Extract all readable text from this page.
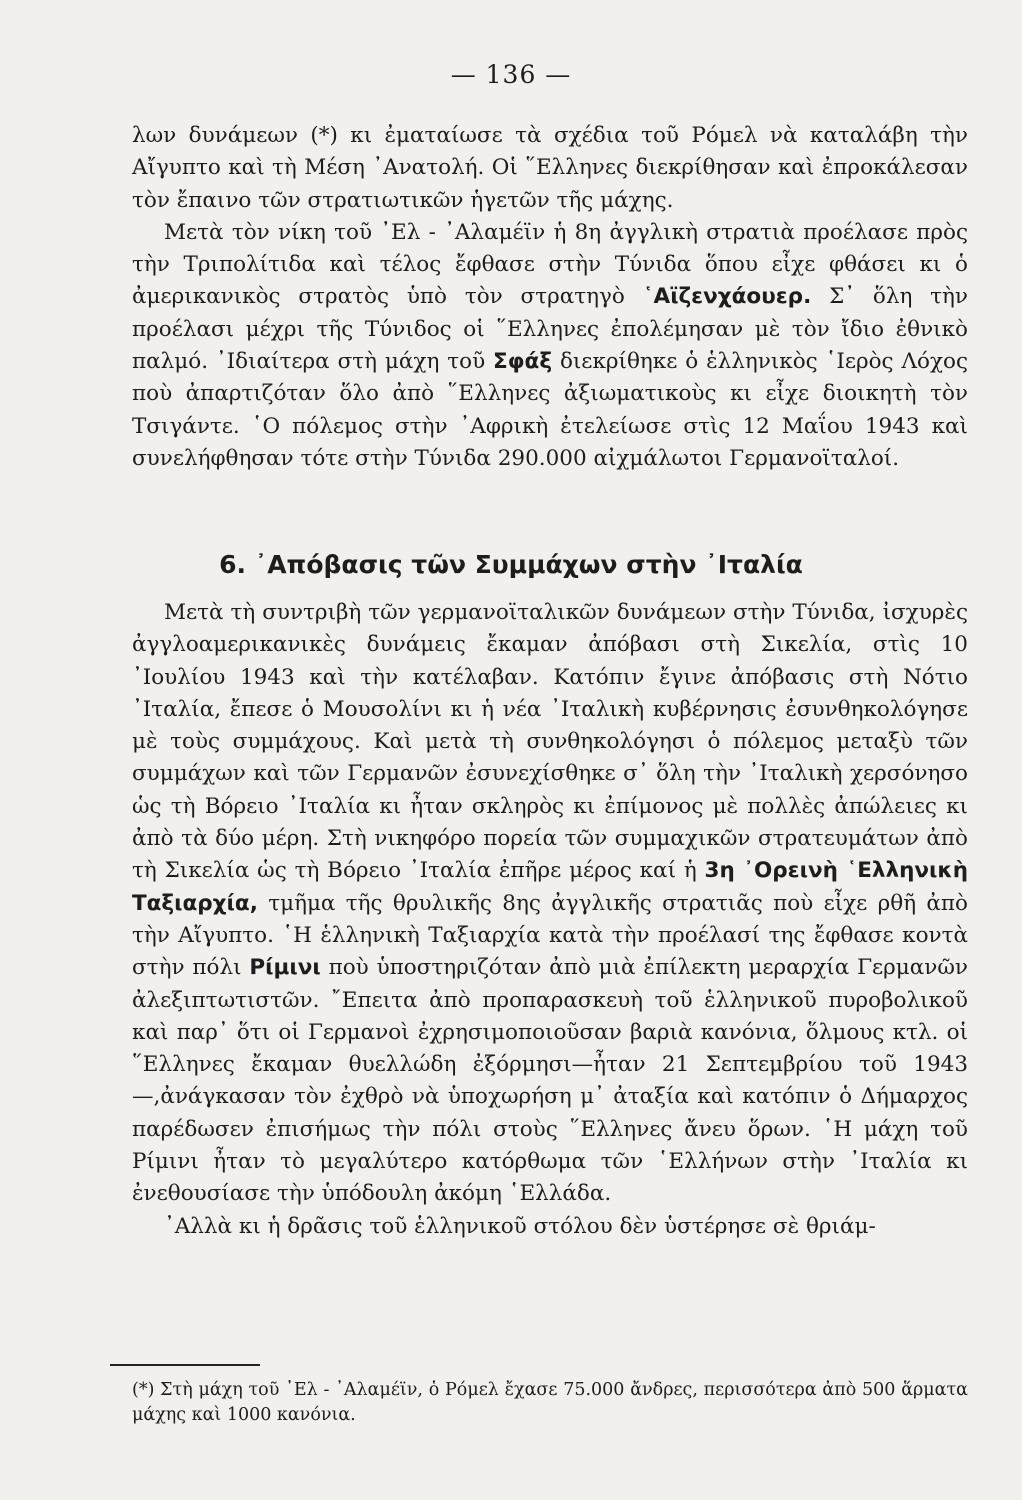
— 136 —

λων δυνάμεων (*) κι ἐματαίωσε τὰ σχέδια τοῦ Ρόμελ νὰ καταλάβη τὴν Αἴγυπτο καὶ τὴ Μέση ᾽Ανατολή. Οἱ ῞Ελληνες διεκρίθησαν καὶ ἐπροκάλεσαν τὸν ἔπαινο τῶν στρατιωτικῶν ἡγετῶν τῆς μάχης.

Μετὰ τὸν νίκη τοῦ ᾽Ελ - ᾽Αλαμέϊν ἡ 8η ἀγγλικὴ στρατιὰ προέλασε πρὸς τὴν Τριπολίτιδα καὶ τέλος ἔφθασε στὴν Τύνιδα ὅπου εἶχε φθάσει κι ὁ ἀμερικανικὸς στρατὸς ὑπὸ τὸν στρατηγὸ ῾Αϊζενχάουερ. Σ᾽ ὅλη τὴν προέλασι μέχρι τῆς Τύνιδος οἱ ῞Ελληνες ἐπολέμησαν μὲ τὸν ἴδιο ἐθνικὸ παλμό. ᾽Ιδιαίτερα στὴ μάχη τοῦ Σφάξ διεκρίθηκε ὁ ἑλληνικὸς ῾Ιερὸς Λόχος ποὺ ἀπαρτιζόταν ὅλο ἀπὸ ῞Ελληνες ἀξιωματικοὺς κι εἶχε διοικητὴ τὸν Τσιγάντε. ῾Ο πόλεμος στὴν ᾽Αφρικὴ ἐτελείωσε στὶς 12 Μαΐου 1943 καὶ συνελήφθησαν τότε στὴν Τύνιδα 290.000 αἰχμάλωτοι Γερμανοϊταλοί.

6. ᾽Απόβασις τῶν Συμμάχων στὴν ᾽Ιταλία

Μετὰ τὴ συντριβὴ τῶν γερμανοϊταλικῶν δυνάμεων στὴν Τύνιδα, ἰσχυρὲς ἀγγλοαμερικανικὲς δυνάμεις ἔκαμαν ἀπόβασι στὴ Σικελία, στὶς 10 ᾽Ιουλίου 1943 καὶ τὴν κατέλαβαν. Κατόπιν ἔγινε ἀπόβασις στὴ Νότιο ᾽Ιταλία, ἔπεσε ὁ Μουσολίνι κι ἡ νέα ᾽Ιταλικὴ κυβέρνησις ἐσυνθηκολόγησε μὲ τοὺς συμμάχους. Καὶ μετὰ τὴ συνθηκολόγησι ὁ πόλεμος μεταξὺ τῶν συμμάχων καὶ τῶν Γερμανῶν ἐσυνεχίσθηκε σ᾽ ὅλη τὴν ᾽Ιταλικὴ χερσόνησο ὡς τὴ Βόρειο ᾽Ιταλία κι ἦταν σκληρὸς κι ἐπίμονος μὲ πολλὲς ἀπώλειες κι ἀπὸ τὰ δύο μέρη. Στὴ νικηφόρο πορεία τῶν συμμαχικῶν στρατευμάτων ἀπὸ τὴ Σικελία ὡς τὴ Βόρειο ᾽Ιταλία ἐπῆρε μέρος καί ἡ 3η ᾽Ορεινὴ ῾Ελληνικὴ Ταξιαρχία, τμῆμα τῆς θρυλικῆς 8ης ἀγγλικῆς στρατιᾶς ποὺ εἶχε ρθῆ ἀπὸ τὴν Αἴγυπτο. ῾Η ἑλληνικὴ Ταξιαρχία κατὰ τὴν προέλασί της ἔφθασε κοντὰ στὴν πόλι Ρίμινι ποὺ ὑποστηριζόταν ἀπὸ μιὰ ἐπίλεκτη μεραρχία Γερμανῶν ἀλεξιπτωτιστῶν. ῎Επειτα ἀπὸ προπαρασκευὴ τοῦ ἑλληνικοῦ πυροβολικοῦ καὶ παρ᾽ ὅτι οἱ Γερμανοὶ ἐχρησιμοποιοῦσαν βαριὰ κανόνια, ὅλμους κτλ. οἱ ῞Ελληνες ἔκαμαν θυελλώδη ἐξόρμησι—ἦταν 21 Σεπτεμβρίου τοῦ 1943—,ἀνάγκασαν τὸν ἐχθρὸ νὰ ὑποχωρήση μ᾽ ἀταξία καὶ κατόπιν ὁ Δήμαρχος παρέδωσεν ἐπισήμως τὴν πόλι στοὺς ῞Ελληνες ἄνευ ὅρων. ῾Η μάχη τοῦ Ρίμινι ἦταν τὸ μεγαλύτερο κατόρθωμα τῶν ῾Ελλήνων στὴν ᾽Ιταλία κι ἐνεθουσίασε τὴν ὑπόδουλη ἀκόμη ῾Ελλάδα.

᾽Αλλὰ κι ἡ δρᾶσις τοῦ ἑλληνικοῦ στόλου δὲν ὑστέρησε σὲ θριάμ-

(*) Στὴ μάχη τοῦ ᾽Ελ - ᾽Αλαμέϊν, ὁ Ρόμελ ἔχασε 75.000 ἄνδρες, περισσότερα ἀπὸ 500 ἅρματα μάχης καὶ 1000 κανόνια.
